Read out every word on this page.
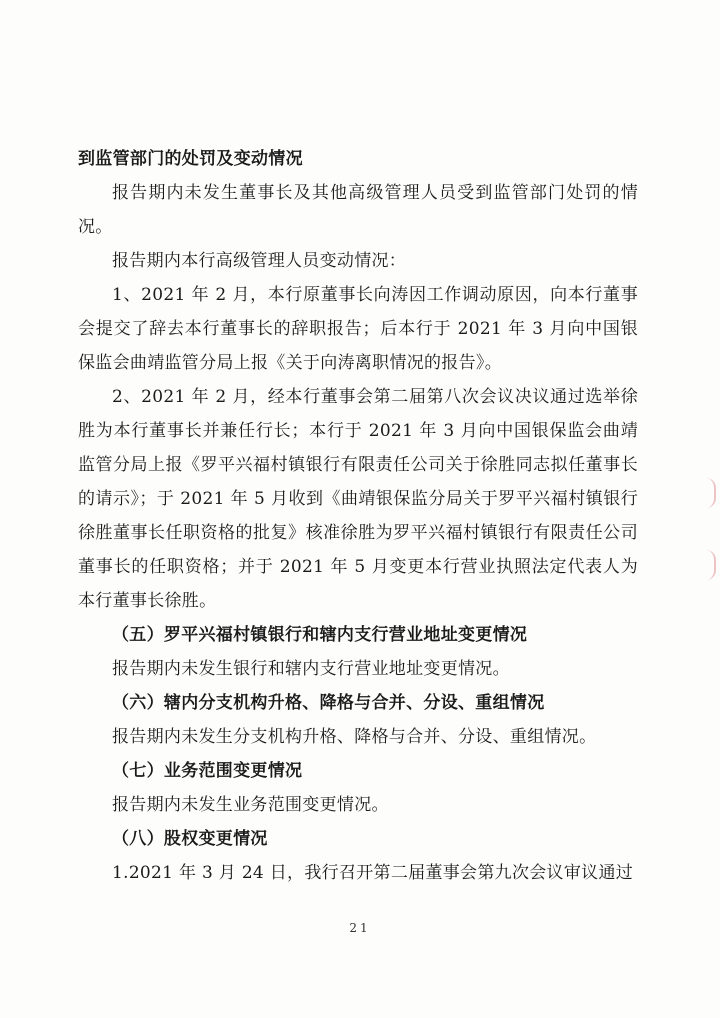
到监管部门的处罚及变动情况

报告期内未发生董事长及其他高级管理人员受到监管部门处罚的情况。

报告期内本行高级管理人员变动情况：

1、2021 年 2 月，本行原董事长向涛因工作调动原因，向本行董事会提交了辞去本行董事长的辞职报告；后本行于 2021 年 3 月向中国银保监会曲靖监管分局上报《关于向涛离职情况的报告》。

2、2021 年 2 月，经本行董事会第二届第八次会议决议通过选举徐胜为本行董事长并兼任行长；本行于 2021 年 3 月向中国银保监会曲靖监管分局上报《罗平兴福村镇银行有限责任公司关于徐胜同志拟任董事长的请示》；于 2021 年 5 月收到《曲靖银保监分局关于罗平兴福村镇银行徐胜董事长任职资格的批复》核准徐胜为罗平兴福村镇银行有限责任公司董事长的任职资格；并于 2021 年 5 月变更本行营业执照法定代表人为本行董事长徐胜。

（五）罗平兴福村镇银行和辖内支行营业地址变更情况

报告期内未发生银行和辖内支行营业地址变更情况。

（六）辖内分支机构升格、降格与合并、分设、重组情况

报告期内未发生分支机构升格、降格与合并、分设、重组情况。

（七）业务范围变更情况

报告期内未发生业务范围变更情况。

（八）股权变更情况

1.2021 年 3 月 24 日，我行召开第二届董事会第九次会议审议通过

21
